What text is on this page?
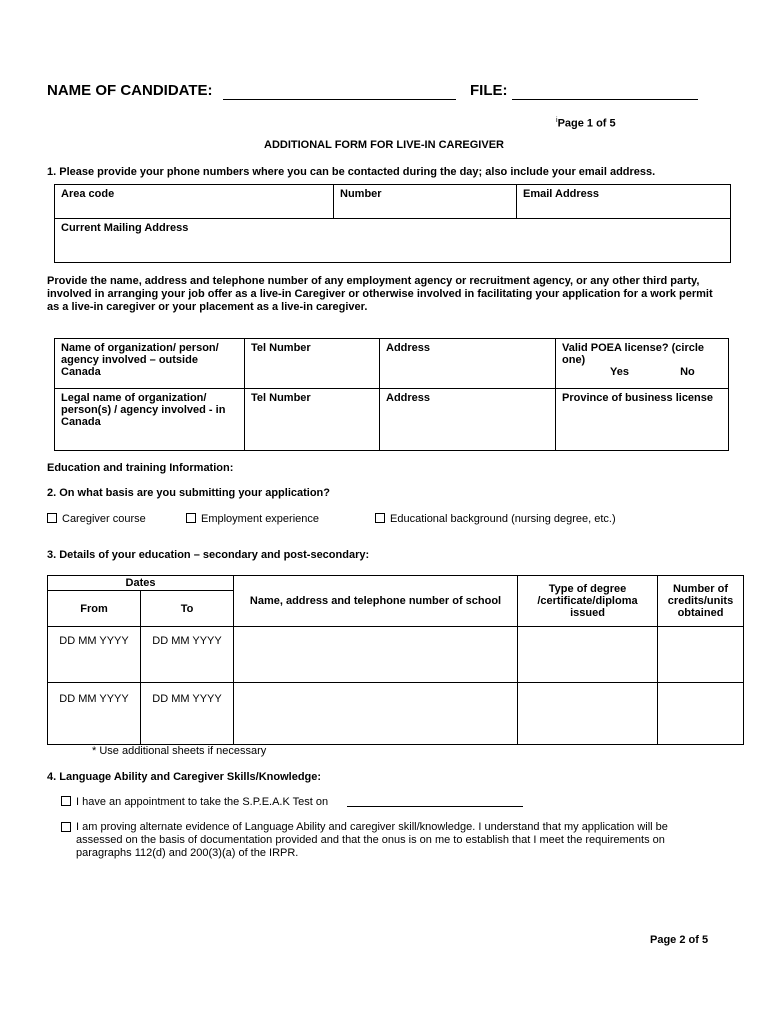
NAME OF CANDIDATE:	FILE:
$^i$Page 1 of 5
ADDITIONAL FORM FOR LIVE-IN CAREGIVER
1. Please provide your phone numbers where you can be contacted during the day; also include your email address.
Area code	Number	Email Address
Current Mailing Address
Provide the name, address and telephone number of any employment agency or recruitment agency, or any other third party, involved in arranging your job offer as a live-in Caregiver or otherwise involved in facilitating your application for a work permit as a live-in caregiver or your placement as a live-in caregiver.
Name of organization/ person/ agency involved – outside Canada	Tel Number	Address	Valid POEA license? (circle one)
Yes No

Legal name of organization/ person(s) / agency involved - in Canada	Tel Number	Address	Province of business license
Education and training Information:
2. On what basis are you submitting your application?
Caregiver course	Employment experience	Educational background (nursing degree, etc.)
3. Details of your education – secondary and post-secondary:
Dates		Name, address and telephone number of school	Type of degree /certificate/diploma issued	Number of credits/units obtained
From	To			
DD MM YYYY	DD MM YYYY			
DD MM YYYY	DD MM YYYY			
* Use additional sheets if necessary
4. Language Ability and Caregiver Skills/Knowledge:
I have an appointment to take the S.P.E.A.K Test on
I am proving alternate evidence of Language Ability and caregiver skill/knowledge. I understand that my application will be assessed on the basis of documentation provided and that the onus is on me to establish that I meet the requirements on paragraphs 112(d) and 200(3)(a) of the IRPR.
Page 2 of 5
